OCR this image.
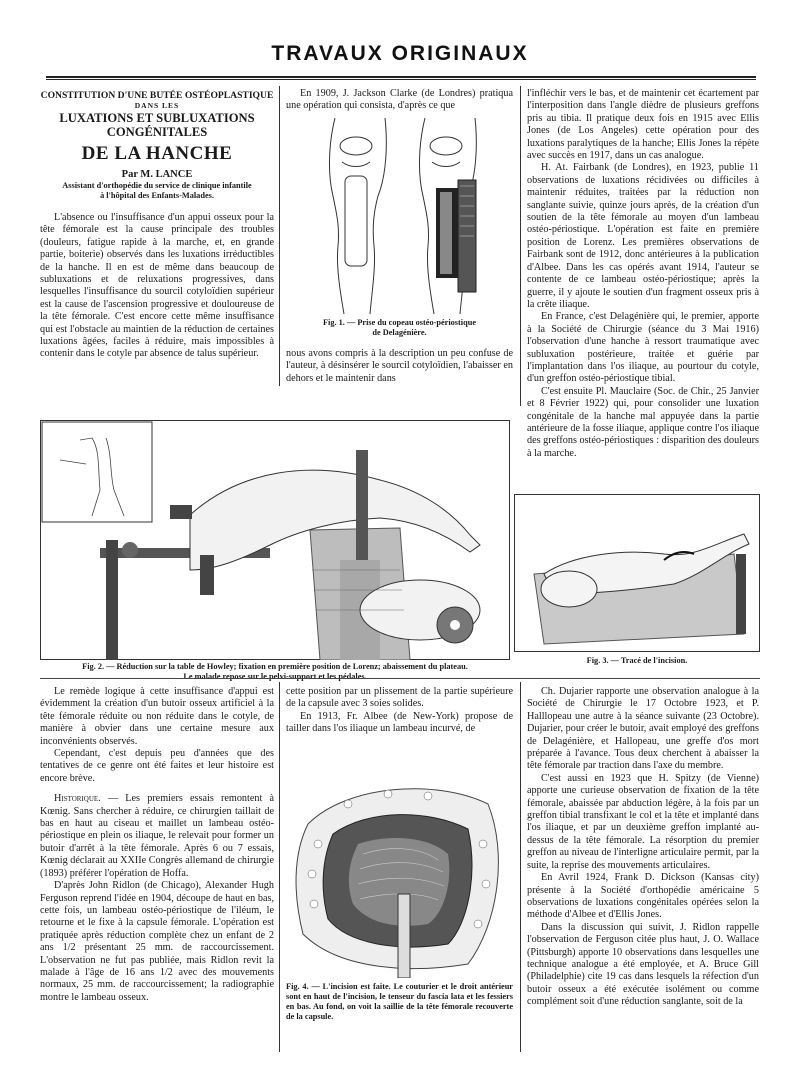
TRAVAUX ORIGINAUX
CONSTITUTION D'UNE BUTÉE OSTÉOPLASTIQUE
DANS LES
LUXATIONS ET SUBLUXATIONS CONGÉNITALES
DE LA HANCHE
Par M. LANCE
Assistant d'orthopédie du service de clinique infantile
à l'hôpital des Enfants-Malades.

L'absence ou l'insuffisance d'un appui osseux pour la tête fémorale est la cause principale des troubles (douleurs, fatigue rapide à la marche, et, en grande partie, boiterie) observés dans les luxations irréductibles de la hanche. Il en est de même dans beaucoup de subluxations et de reluxations progressives, dans lesquelles l'insuffisance du sourcil cotyloïdien supérieur est la cause de l'ascension progressive et douloureuse de la tête fémorale. C'est encore cette même insuffisance qui est l'obstacle au maintien de la réduction de certaines luxations âgées, faciles à réduire, mais impossibles à contenir dans le cotyle par absence de talus supérieur.

En 1909, J. Jackson Clarke (de Londres) pratiqua une opération qui consista, d'après ce que

Fig. 1. — Prise du copeau ostéo-périostique
de Delagénière.

nous avons compris à la description un peu confuse de l'auteur, à désinsérer le sourcil cotyloïdien, l'abaisser en dehors et le maintenir dans

l'infléchir vers le bas, et de maintenir cet écartement par l'interposition dans l'angle dièdre de plusieurs greffons pris au tibia. Il pratique deux fois en 1915 avec Ellis Jones (de Los Angeles) cette opération pour des luxations paralytiques de la hanche; Ellis Jones la répète avec succès en 1917, dans un cas analogue.

H. At. Fairbank (de Londres), en 1923, publie 11 observations de luxations récidivées ou difficiles à maintenir réduites, traitées par la réduction non sanglante suivie, quinze jours après, de la création d'un soutien de la tête fémorale au moyen d'un lambeau ostéo-périostique. L'opération est faite en première position de Lorenz. Les premières observations de Fairbank sont de 1912, donc antérieures à la publication d'Albee. Dans les cas opérés avant 1914, l'auteur se contente de ce lambeau ostéo-périostique; après la guerre, il y ajoute le soutien d'un fragment osseux pris à la crête iliaque.

En France, c'est Delagénière qui, le premier, apporte à la Société de Chirurgie (séance du 3 Mai 1916) l'observation d'une hanche à ressort traumatique avec subluxation postérieure, traitée et guérie par l'implantation dans l'os iliaque, au pourtour du cotyle, d'un greffon ostéo-périostique tibial.

C'est ensuite Pl. Mauclaire (Soc. de Chir., 25 Janvier et 8 Février 1922) qui, pour consolider une luxation congénitale de la hanche mal appuyée dans la partie antérieure de la fosse iliaque, applique contre l'os iliaque des greffons ostéo-périostiques : disparition des douleurs à la marche.

Fig. 2. — Réduction sur la table de Howley; fixation en première position de Lorenz; abaissement du plateau.
Le malade repose sur le pelvi-support et les pédales.
Fig. 3. — Tracé de l'incision.

Le remède logique à cette insuffisance d'appui est évidemment la création d'un butoir osseux artificiel à la tête fémorale réduite ou non réduite dans le cotyle, de manière à obvier dans une certaine mesure aux inconvénients observés.

Cependant, c'est depuis peu d'années que des tentatives de ce genre ont été faites et leur histoire est encore brève.

Historique. — Les premiers essais remontent à Kœnig. Sans chercher à réduire, ce chirurgien taillait de bas en haut au ciseau et maillet un lambeau ostéo-périostique en plein os iliaque, le relevait pour former un butoir d'arrêt à la tête fémorale. Après 6 ou 7 essais, Kœnig déclarait au XXIIe Congrès allemand de chirurgie (1893) préférer l'opération de Hoffa.

D'après John Ridlon (de Chicago), Alexander Hugh Ferguson reprend l'idée en 1904, découpe de haut en bas, cette fois, un lambeau ostéo-périostique de l'iléum, le retourne et le fixe à la capsule fémorale. L'opération est pratiquée après réduction complète chez un enfant de 2 ans 1/2 présentant 25 mm. de raccourcissement. L'observation ne fut pas publiée, mais Ridlon revit la malade à l'âge de 16 ans 1/2 avec des mouvements normaux, 25 mm. de raccourcissement; la radiographie montre le lambeau osseux.

cette position par un plissement de la partie supérieure de la capsule avec 3 soies solides.

En 1913, Fr. Albee (de New-York) propose de tailler dans l'os iliaque un lambeau incurvé, de

Fig. 4. — L'incision est faite. Le couturier et le droit antérieur sont en haut de l'incision, le tenseur du fascia lata et les fessiers en bas. Au fond, on voit la saillie de la tête fémorale recouverte de la capsule.

Ch. Dujarier rapporte une observation analogue à la Société de Chirurgie le 17 Octobre 1923, et P. Halllopeau une autre à la séance suivante (23 Octobre). Dujarier, pour créer le butoir, avait employé des greffons de Delagénière, et Hallopeau, une greffe d'os mort préparée à l'avance. Tous deux cherchent à abaisser la tête fémorale par traction dans l'axe du membre.

C'est aussi en 1923 que H. Spitzy (de Vienne) apporte une curieuse observation de fixation de la tête fémorale, abaissée par abduction légère, à la fois par un greffon tibial transfixant le col et la tête et implanté dans l'os iliaque, et par un deuxième greffon implanté au-dessus de la tête fémorale. La résorption du premier greffon au niveau de l'interligne articulaire permit, par la suite, la reprise des mouvements articulaires.

En Avril 1924, Frank D. Dickson (Kansas city) présente à la Société d'orthopédie américaine 5 observations de luxations congénitales opérées selon la méthode d'Albee et d'Ellis Jones.

Dans la discussion qui suivit, J. Ridlon rappelle l'observation de Ferguson citée plus haut, J. O. Wallace (Pittsburgh) apporte 10 observations dans lesquelles une technique analogue a été employée, et A. Bruce Gill (Philadelphie) cite 19 cas dans lesquels la réfection d'un butoir osseux a été exécutée isolément ou comme complément soit d'une réduction sanglante, soit de la
